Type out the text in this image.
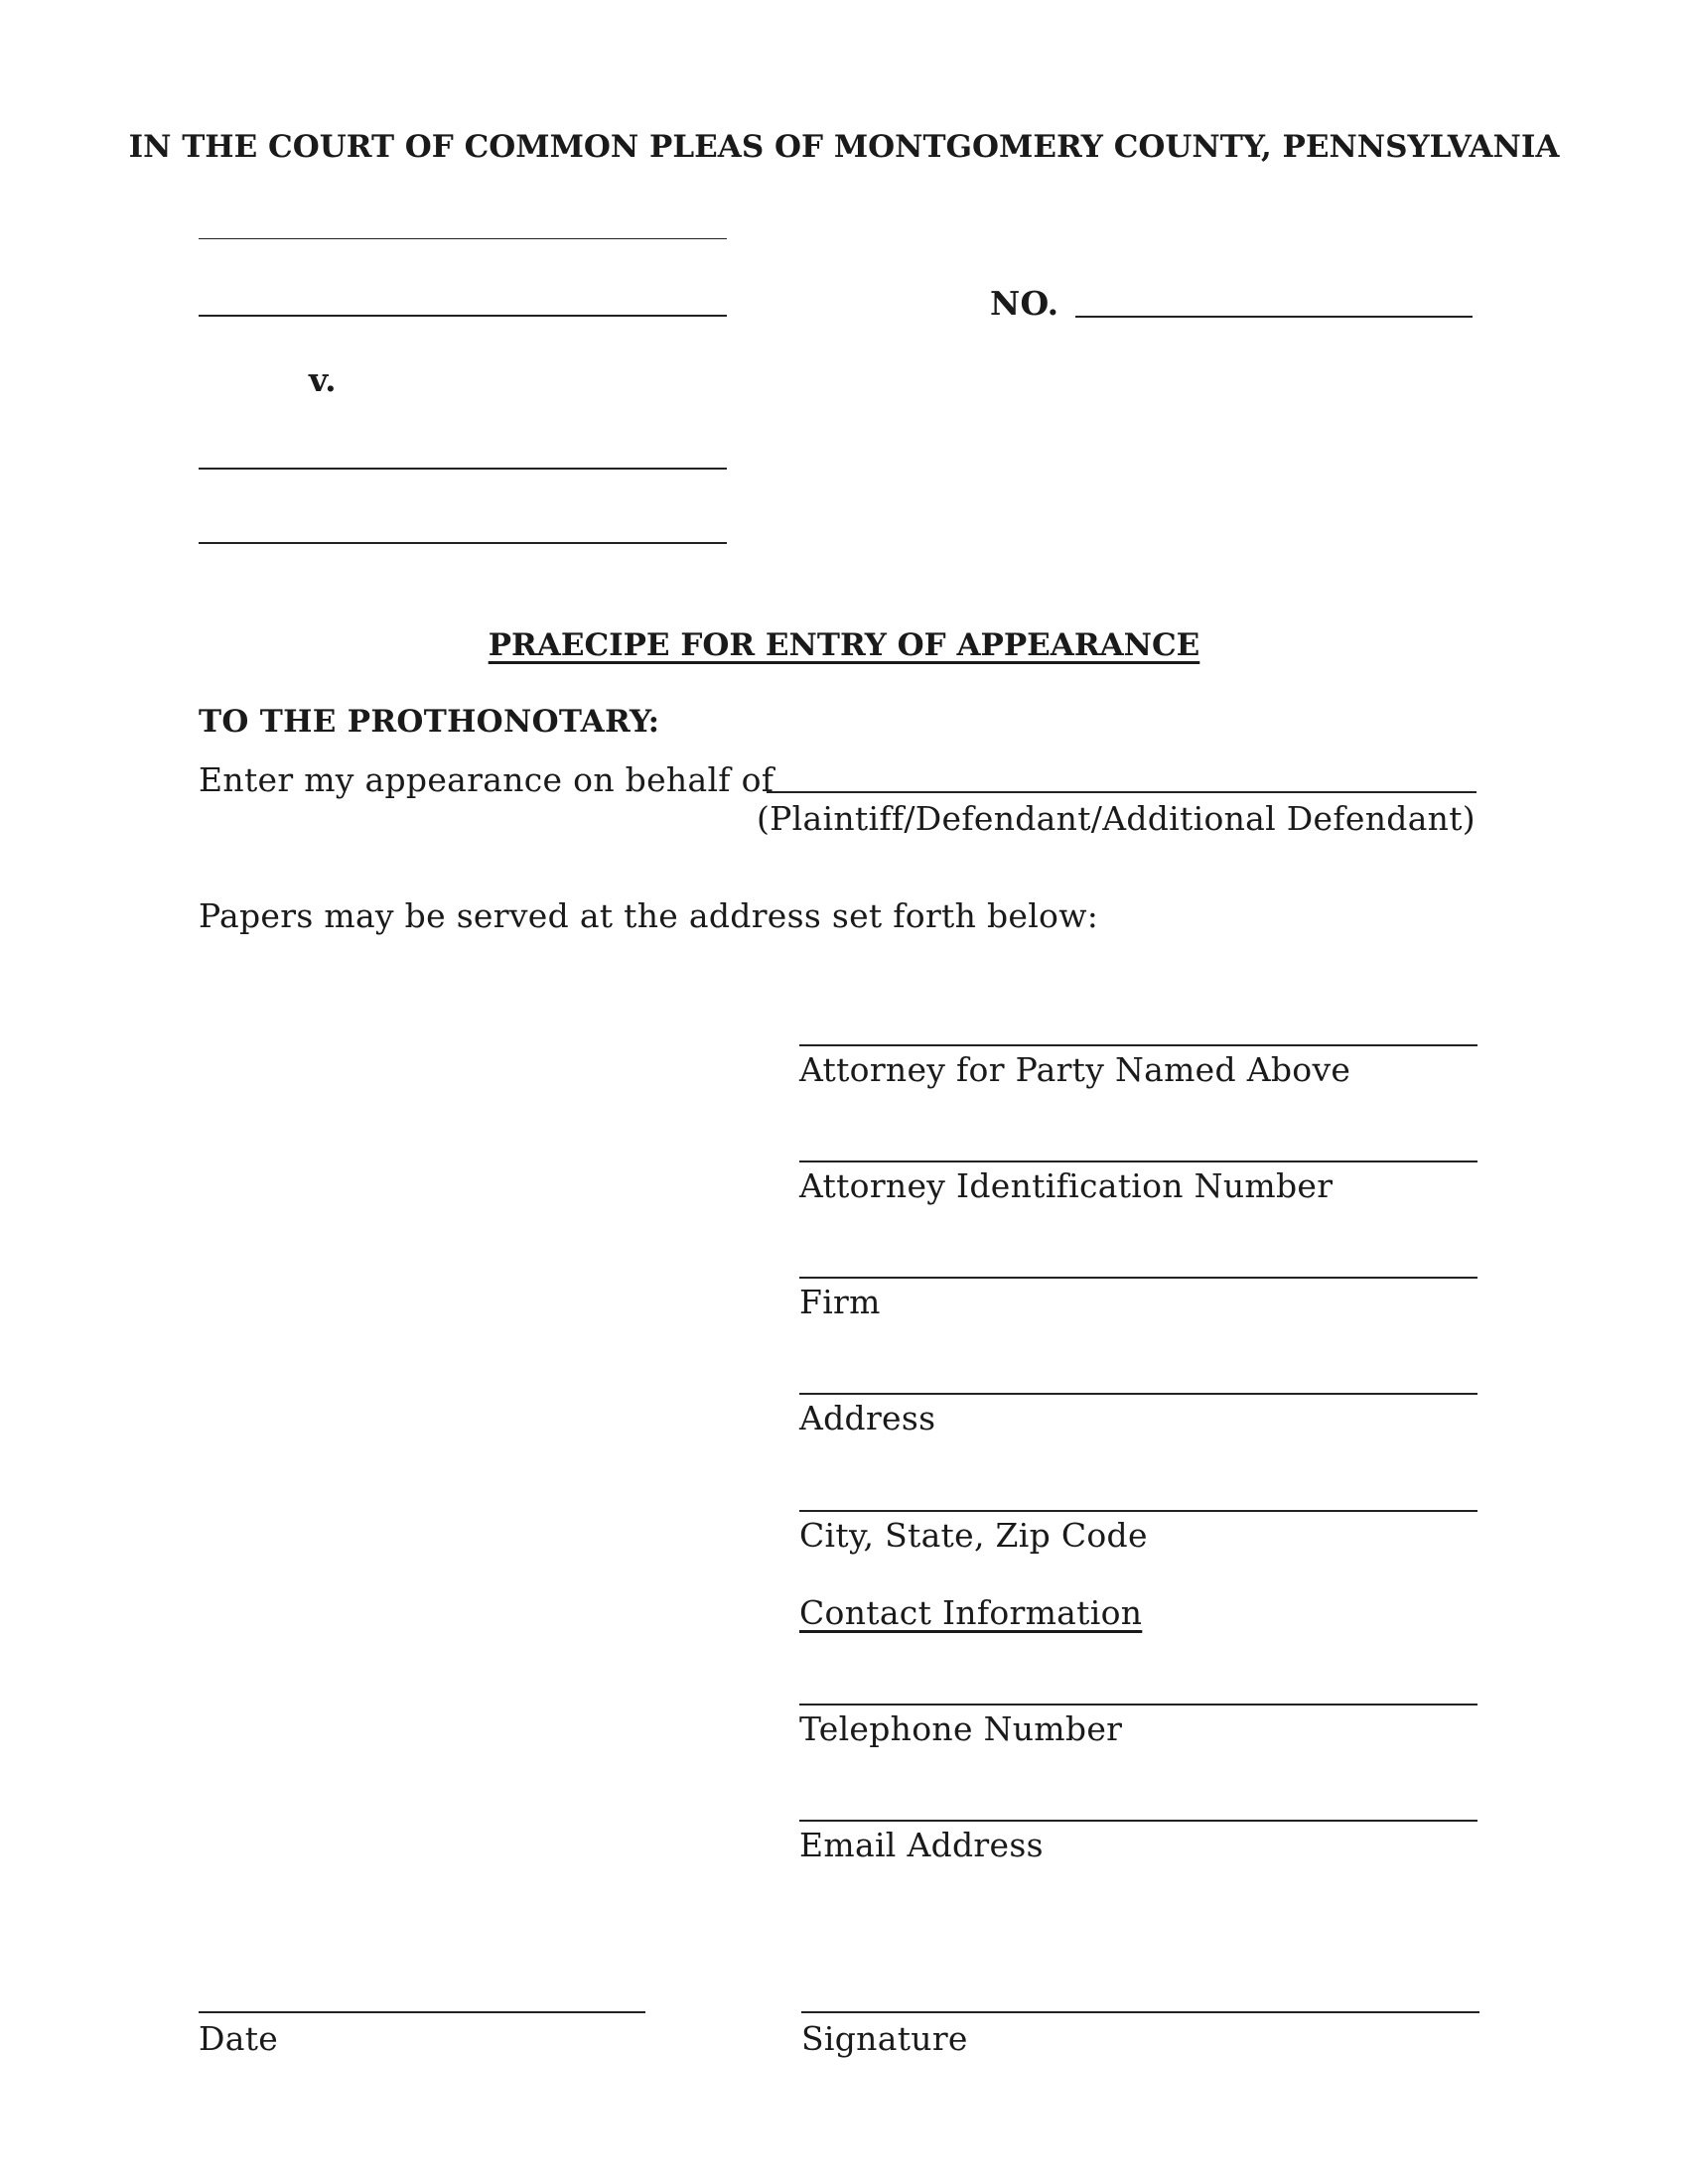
IN THE COURT OF COMMON PLEAS OF MONTGOMERY COUNTY, PENNSYLVANIA
NO.
v.
PRAECIPE FOR ENTRY OF APPEARANCE
TO THE PROTHONOTARY:
Enter my appearance on behalf of
(Plaintiff/Defendant/Additional Defendant)
Papers may be served at the address set forth below:
Attorney for Party Named Above
Attorney Identification Number
Firm
Address
City, State, Zip Code
Contact Information
Telephone Number
Email Address
Date	Signature
